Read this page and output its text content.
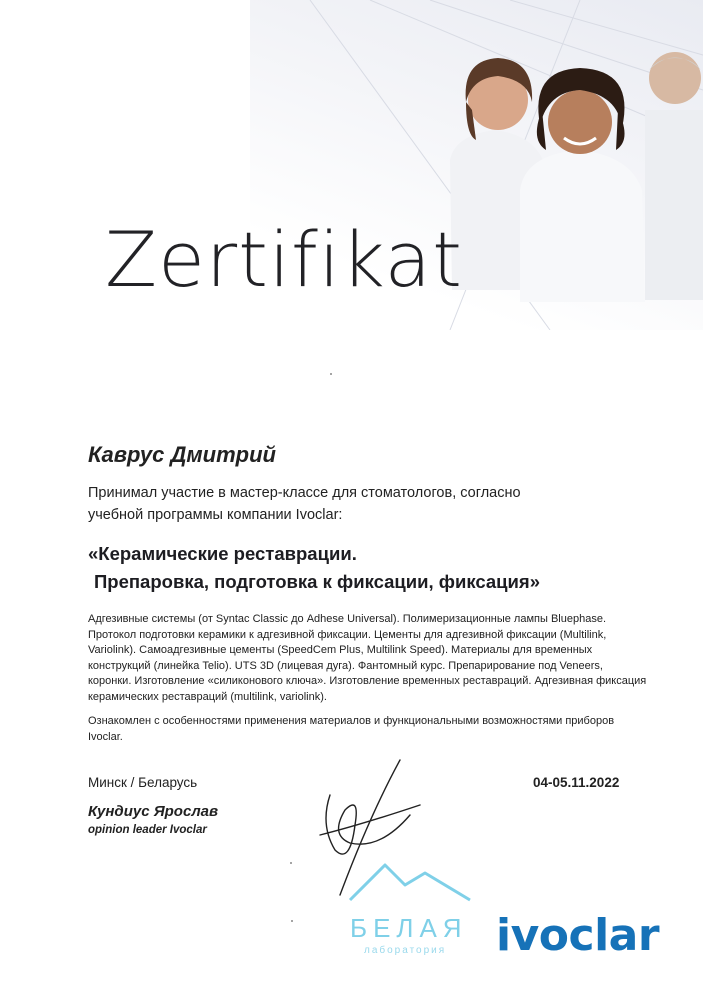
Zertifikat
Каврус Дмитрий
Принимал участие в мастер-классе для стоматологов, согласно учебной программы компании Ivoclar:
«Керамические реставрации.
Препаровка, подготовка к фиксации, фиксация»
Адгезивные системы (от Syntac Classic до Adhese Universal). Полимеризационные лампы Bluephase. Протокол подготовки керамики к адгезивной фиксации. Цементы для адгезивной фиксации (Multilink, Variolink). Самоадгезивные цементы (SpeedCem Plus, Multilink Speed). Материалы для временных конструкций (линейка Telio). UTS 3D (лицевая дуга). Фантомный курс. Препарирование под Veneers, коронки. Изготовление «силиконового ключа». Изготовление временных реставраций. Адгезивная фиксация керамических реставраций (multilink, variolink).
Ознакомлен с особенностями применения материалов и функциональными возможностями приборов Ivoclar.
Минск / Беларусь	04-05.11.2022
Кундиус Ярослав
opinion leader Ivoclar
БЕЛАЯ
лаборатория ivoclar
